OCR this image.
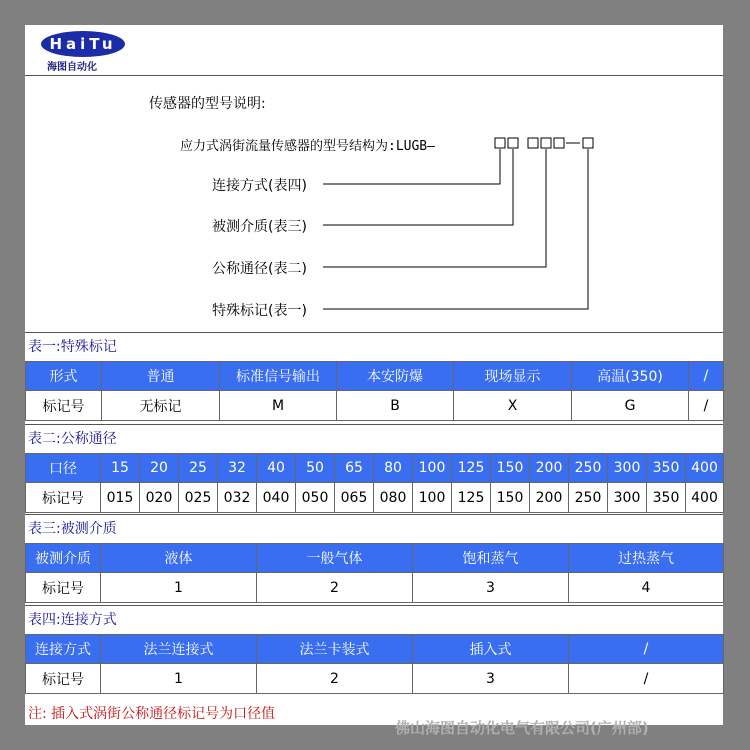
HaiTu
海图自动化
传感器的型号说明:
应力式涡街流量传感器的型号结构为:LUGB—
连接方式(表四)
被测介质(表三)
公称通径(表二)
特殊标记(表一)
表一:特殊标记
形式	普通	标准信号输出	本安防爆	现场显示	高温(350)	/
标记号	无标记	M	B	X	G	/
表二:公称通径
口径	15	20	25	32	40	50	65	80	100	125	150	200	250	300	350	400
标记号	015	020	025	032	040	050	065	080	100	125	150	200	250	300	350	400
表三:被测介质
被测介质	液体	一般气体	饱和蒸气	过热蒸气
标记号	1	2	3	4
表四:连接方式
连接方式	法兰连接式	法兰卡装式	插入式	/
标记号	1	2	3	/
注: 插入式涡街公称通径标记号为口径值
佛山海图自动化电气有限公司(广州部)
